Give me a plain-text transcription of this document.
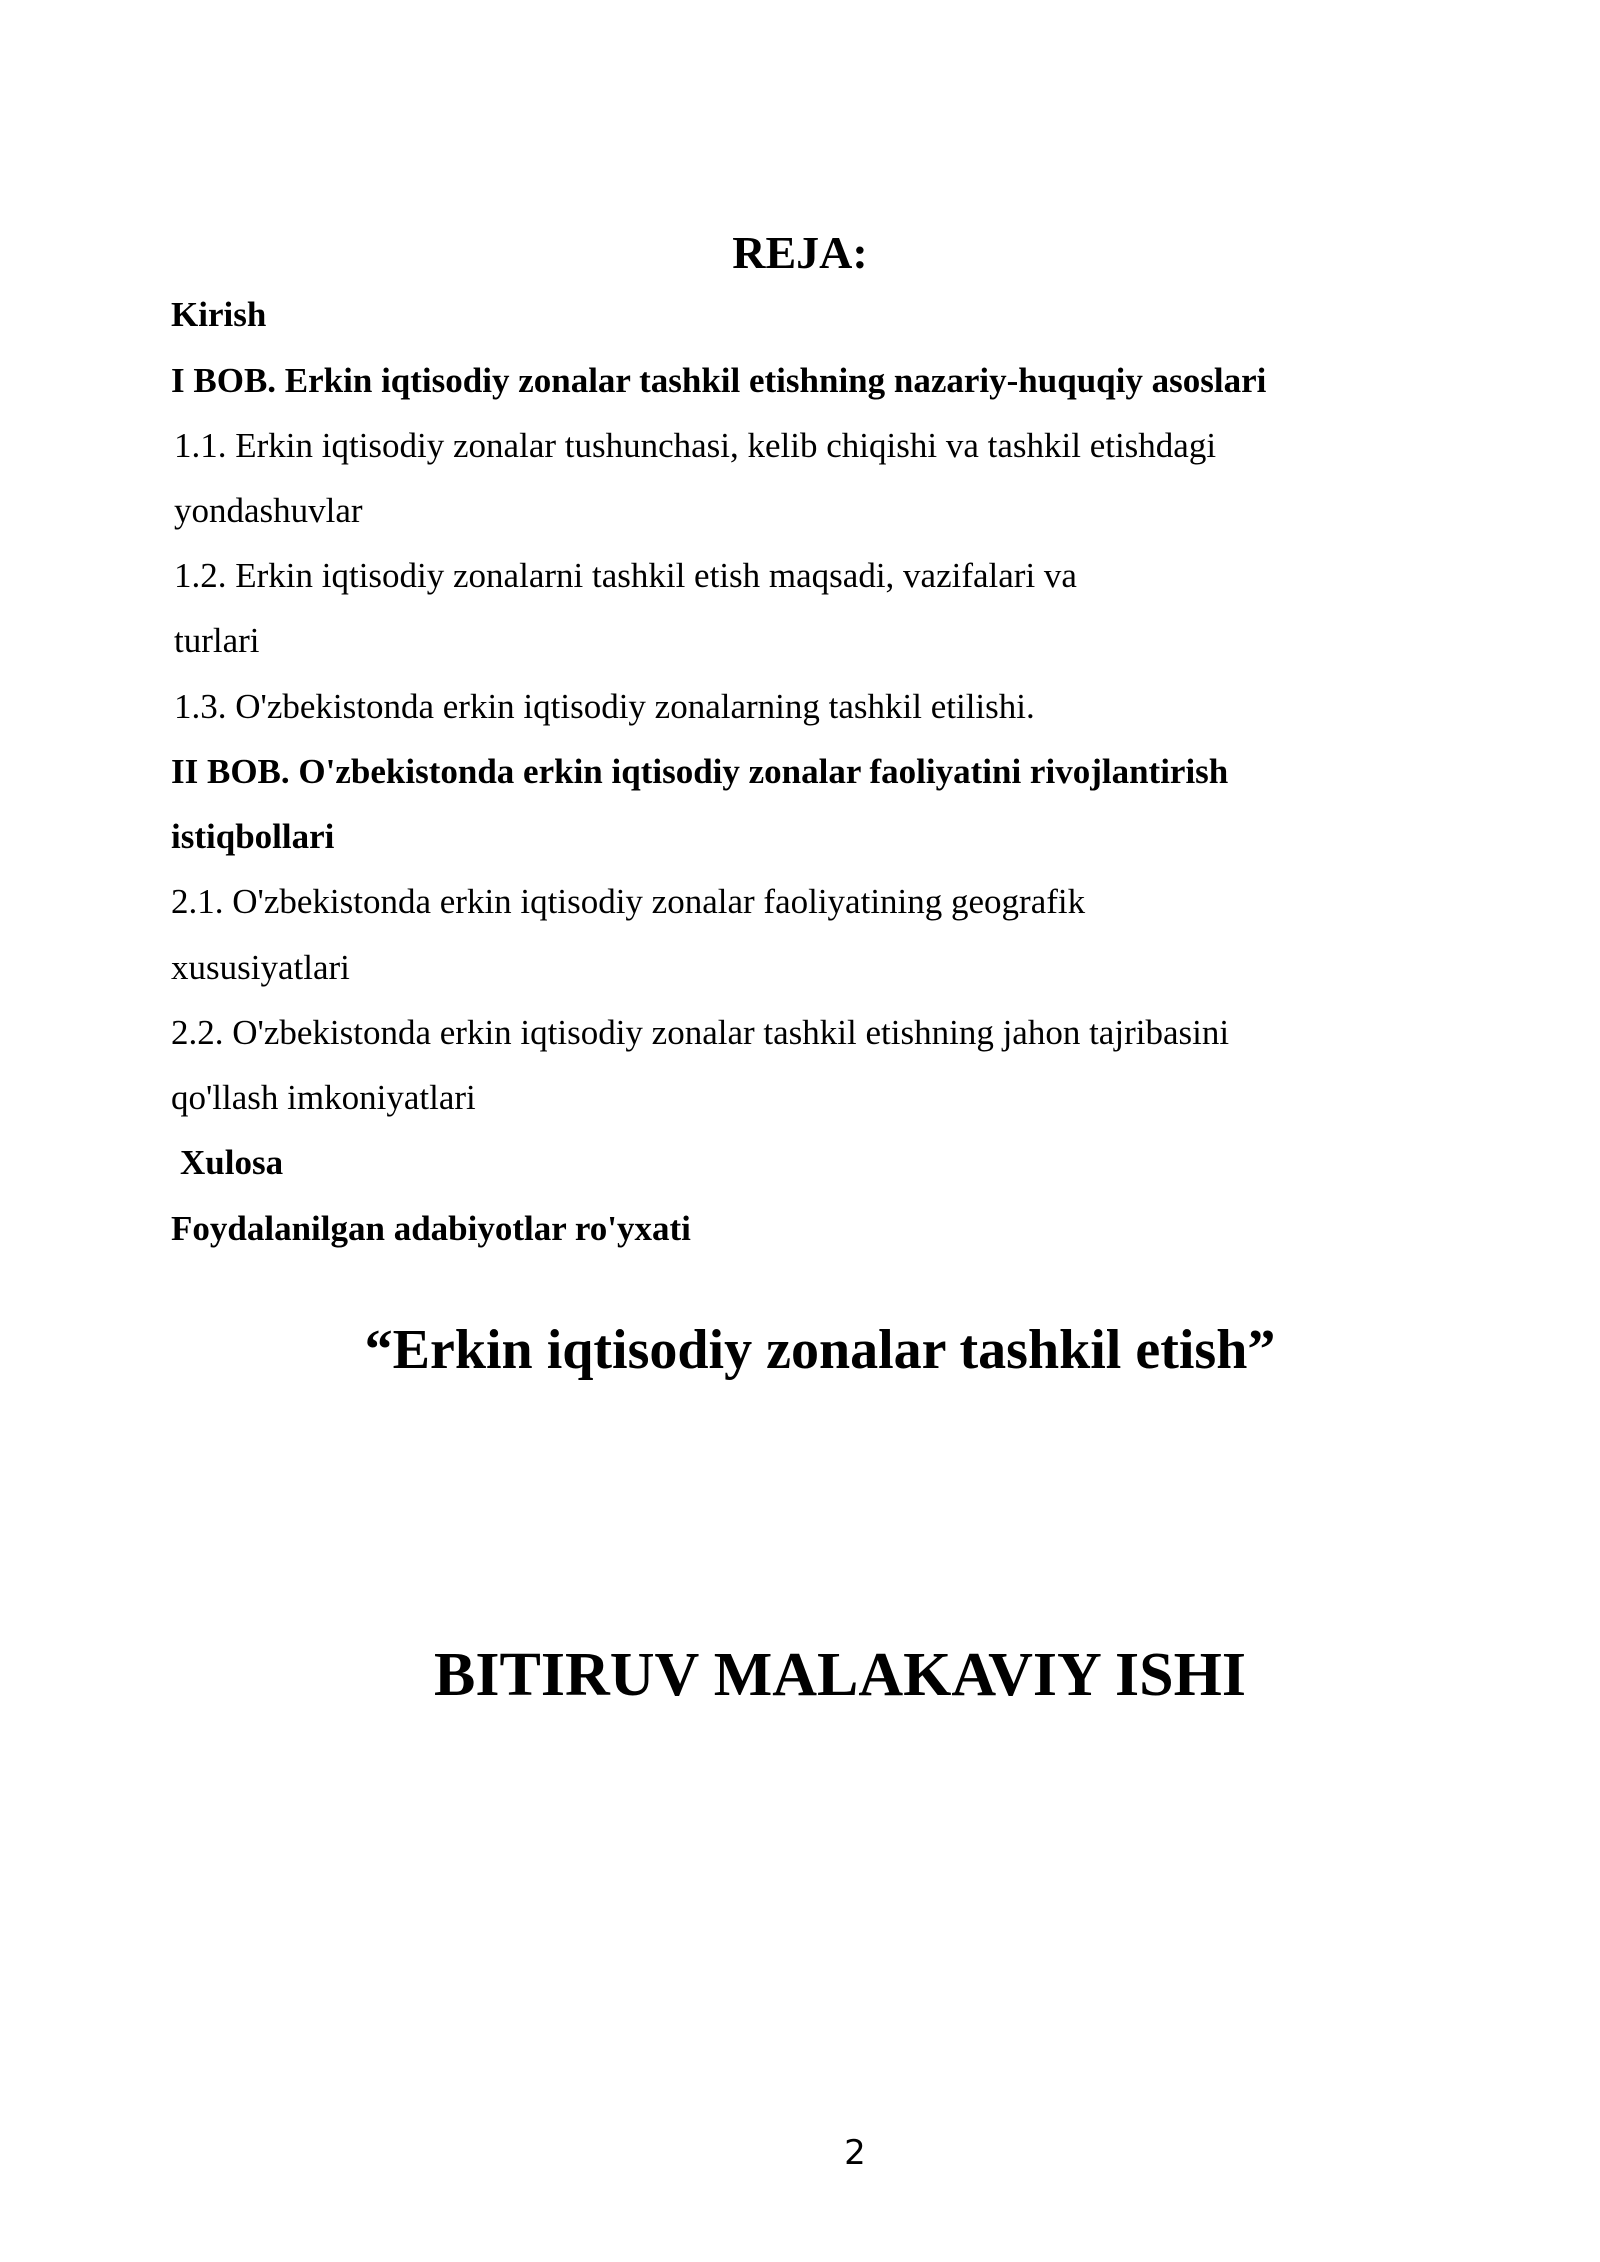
REJA:
Kirish
I BOB. Erkin iqtisodiy zonalar tashkil etishning nazariy-huquqiy asoslari
1.1. Erkin iqtisodiy zonalar tushunchasi, kelib chiqishi va tashkil etishdagi
yondashuvlar
1.2. Erkin iqtisodiy zonalarni tashkil etish maqsadi, vazifalari va
turlari
1.3. O'zbekistonda erkin iqtisodiy zonalarning tashkil etilishi.
II BOB. O'zbekistonda erkin iqtisodiy zonalar faoliyatini rivojlantirish
istiqbollari
2.1. O'zbekistonda erkin iqtisodiy zonalar faoliyatining geografik
xususiyatlari
2.2. O'zbekistonda erkin iqtisodiy zonalar tashkil etishning jahon tajribasini
qo'llash imkoniyatlari
Xulosa
Foydalanilgan adabiyotlar ro'yxati
“Erkin iqtisodiy zonalar tashkil etish”
BITIRUV MALAKAVIY ISHI
2
